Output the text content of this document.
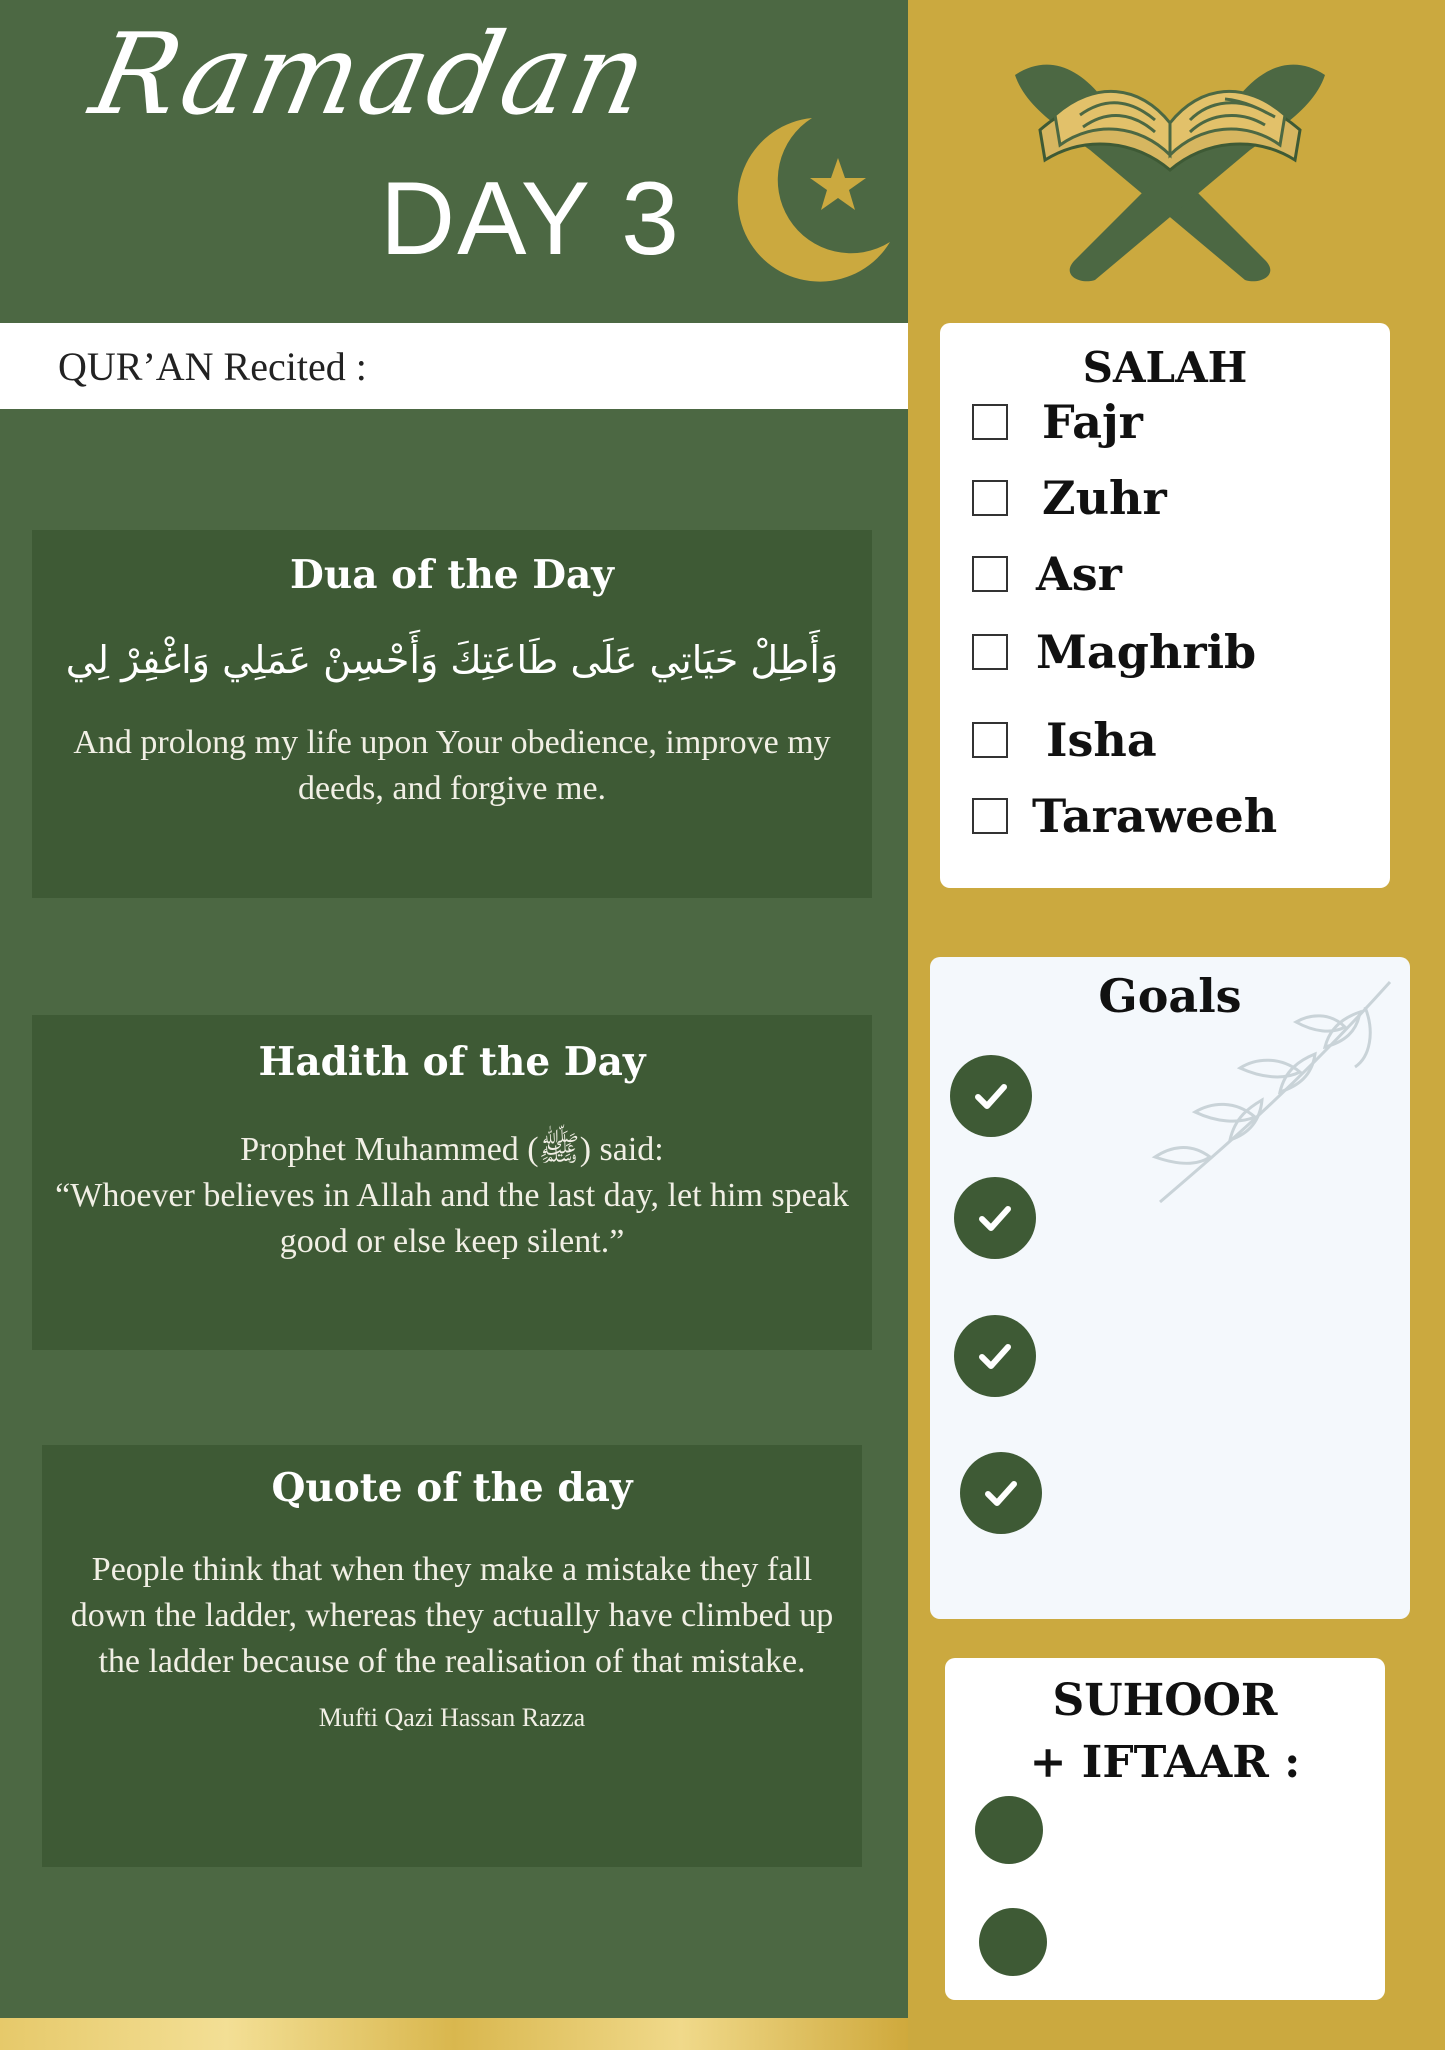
Ramadan
DAY 3
QUR’AN Recited :
Dua of the Day
وَأَطِلْ حَيَاتِي عَلَى طَاعَتِكَ وَأَحْسِنْ عَمَلِي وَاغْفِرْ لِي
And prolong my life upon Your obedience, improve my deeds, and forgive me.
Hadith of the Day
Prophet Muhammed (ﷺ) said:
“Whoever believes in Allah and the last day, let him speak good or else keep silent.”
Quote of the day
People think that when they make a mistake they fall down the ladder, whereas they actually have climbed up the ladder because of the realisation of that mistake.
Mufti Qazi Hassan Razza
SALAH
Fajr
Zuhr
Asr
Maghrib
Isha
Taraweeh
Goals
SUHOOR
+ IFTAAR :
